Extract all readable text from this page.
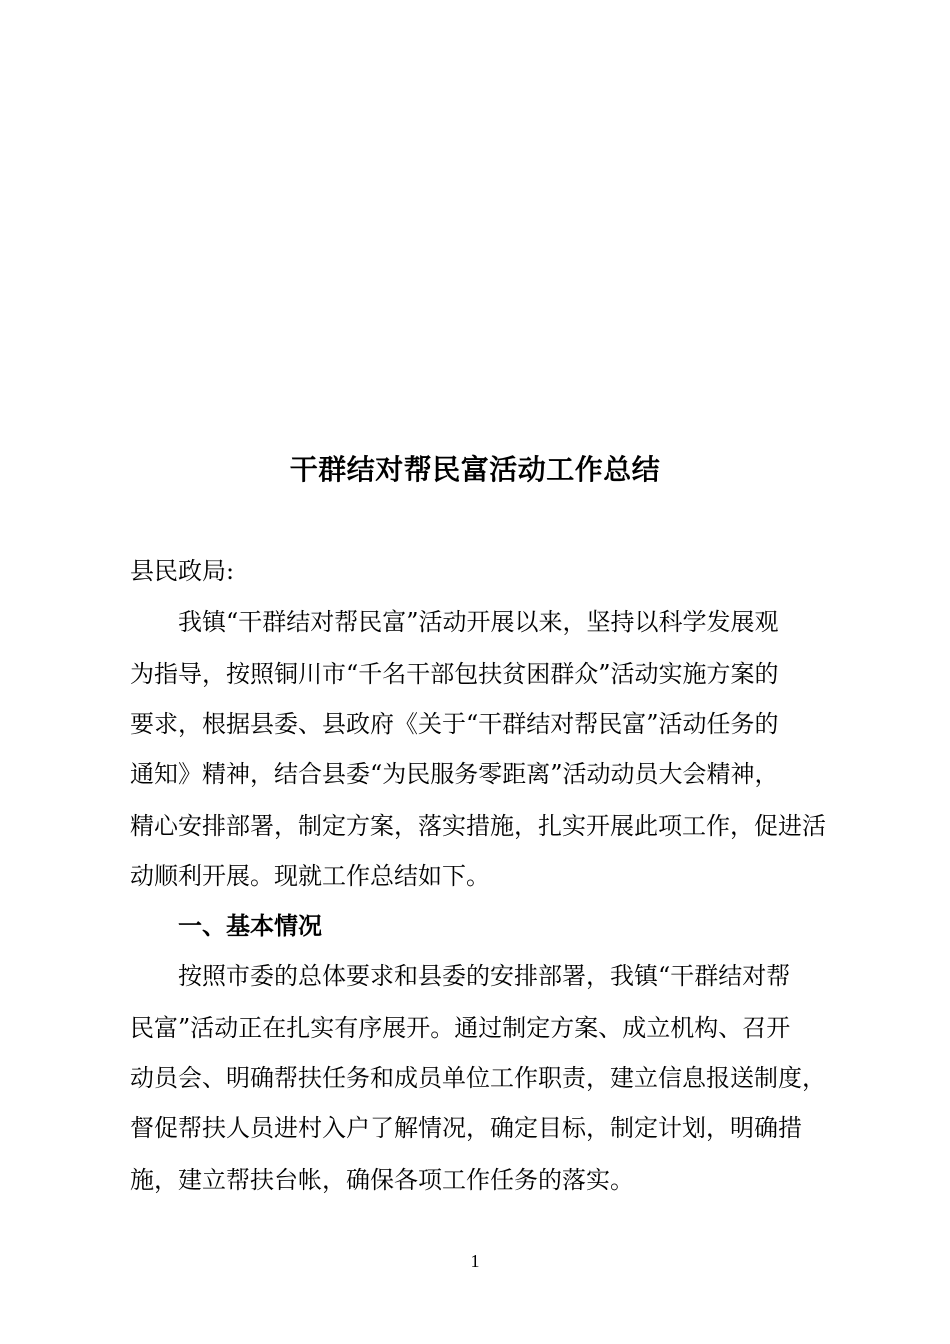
干群结对帮民富活动工作总结
县民政局:
我镇“干群结对帮民富”活动开展以来，坚持以科学发展观
为指导，按照铜川市“千名干部包扶贫困群众”活动实施方案的
要求，根据县委、县政府《关于“干群结对帮民富”活动任务的
通知》精神，结合县委“为民服务零距离”活动动员大会精神，
精心安排部署，制定方案，落实措施，扎实开展此项工作，促进活
动顺利开展。现就工作总结如下。
一、基本情况
按照市委的总体要求和县委的安排部署，我镇“干群结对帮
民富”活动正在扎实有序展开。通过制定方案、成立机构、召开
动员会、明确帮扶任务和成员单位工作职责，建立信息报送制度，
督促帮扶人员进村入户了解情况，确定目标，制定计划，明确措
施，建立帮扶台帐，确保各项工作任务的落实。
1
